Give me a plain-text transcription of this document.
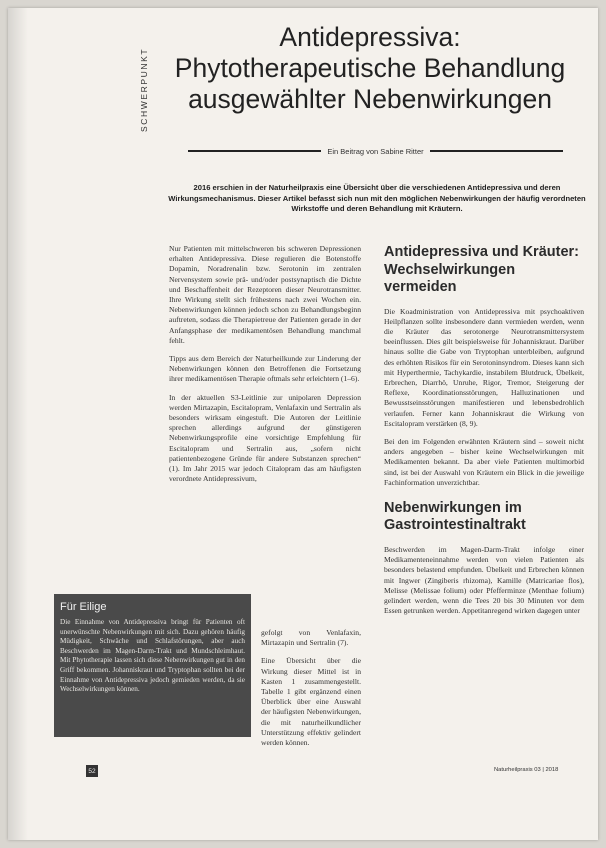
SCHWERPUNKT
Antidepressiva:
Phytotherapeutische Behandlung
ausgewählter Nebenwirkungen
Ein Beitrag von Sabine Ritter
2016 erschien in der Naturheilpraxis eine Übersicht über die verschiedenen Antidepressiva und deren Wirkungsmechanismus. Dieser Artikel befasst sich nun mit den möglichen Nebenwirkungen der häufig verordneten Wirkstoffe und deren Behandlung mit Kräutern.

Nur Patienten mit mittelschweren bis schweren Depressionen erhalten Antidepressiva. Diese regulieren die Botenstoffe Dopamin, Noradrenalin bzw. Serotonin im zentralen Nervensystem sowie prä- und/oder postsynaptisch die Dichte und Beschaffenheit der Rezeptoren dieser Neurotransmitter. Ihre Wirkung stellt sich frühestens nach zwei Wochen ein. Nebenwirkungen können jedoch schon zu Behandlungsbeginn auftreten, sodass die Therapietreue der Patienten gerade in der Anfangsphase der medikamentösen Behandlung manchmal fehlt.

Tipps aus dem Bereich der Naturheilkunde zur Linderung der Nebenwirkungen können den Betroffenen die Fortsetzung ihrer medikamentösen Therapie oftmals sehr erleichtern (1–6).

In der aktuellen S3-Leitlinie zur unipolaren Depression werden Mirtazapin, Escitalopram, Venlafaxin und Sertralin als besonders wirksam eingestuft. Die Autoren der Leitlinie sprechen allerdings aufgrund der günstigeren Nebenwirkungsprofile eine vorsichtige Empfehlung für Escitalopram und Sertralin aus, „sofern nicht patientenbezogene Gründe für andere Substanzen sprechen“ (1). Im Jahr 2015 war jedoch Citalopram das am häufigsten verordnete Antidepressivum,

gefolgt von Venlafaxin, Mirtazapin und Sertralin (7).

Eine Übersicht über die Wirkung dieser Mittel ist in Kasten 1 zusammengestellt. Tabelle 1 gibt ergänzend einen Überblick über eine Auswahl der häufigsten Nebenwirkungen, die mit naturheilkundlicher Unterstützung effektiv gelindert werden können.

Antidepressiva und Kräuter: Wechselwirkungen vermeiden

Die Koadministration von Antidepressiva mit psychoaktiven Heilpflanzen sollte insbesondere dann vermieden werden, wenn die Kräuter das serotonerge Neurotransmittersystem beeinflussen. Dies gilt beispielsweise für Johanniskraut. Darüber hinaus sollte die Gabe von Tryptophan unterbleiben, aufgrund des erhöhten Risikos für ein Serotoninsyndrom. Dieses kann sich mit Hyperthermie, Tachykardie, instabilem Blutdruck, Übelkeit, Erbrechen, Diarrhö, Unruhe, Rigor, Tremor, Steigerung der Reflexe, Koordinationsstörungen, Halluzinationen und Bewusstseinsstörungen manifestieren und lebensbedrohlich verlaufen. Ferner kann Johanniskraut die Wirkung von Escitalopram verstärken (8, 9).

Bei den im Folgenden erwähnten Kräutern sind – soweit nicht anders angegeben – bisher keine Wechselwirkungen mit Medikamenten bekannt. Da aber viele Patienten multimorbid sind, ist bei der Auswahl von Kräutern ein Blick in die jeweilige Fachinformation unverzichtbar.

Nebenwirkungen im Gastrointestinaltrakt

Beschwerden im Magen-Darm-Trakt infolge einer Medikamenteneinnahme werden von vielen Patienten als besonders belastend empfunden. Übelkeit und Erbrechen können mit Ingwer (Zingiberis rhizoma), Kamille (Matricariae flos), Melisse (Melissae folium) oder Pfefferminze (Menthae folium) gelindert werden, wenn die Tees 20 bis 30 Minuten vor dem Essen getrunken werden. Appetitanregend wirken dagegen unter

Für Eilige
Die Einnahme von Antidepressiva bringt für Patienten oft unerwünschte Nebenwirkungen mit sich. Dazu gehören häufig Müdigkeit, Schwäche und Schlafstörungen, aber auch Beschwerden im Magen-Darm-Trakt und Mundschleimhaut. Mit Phytotherapie lassen sich diese Nebenwirkungen gut in den Griff bekommen. Johanniskraut und Tryptophan sollten bei der Einnahme von Antidepressiva jedoch gemieden werden, da sie Wechselwirkungen können.
52	Naturheilpraxis 03 | 2018
